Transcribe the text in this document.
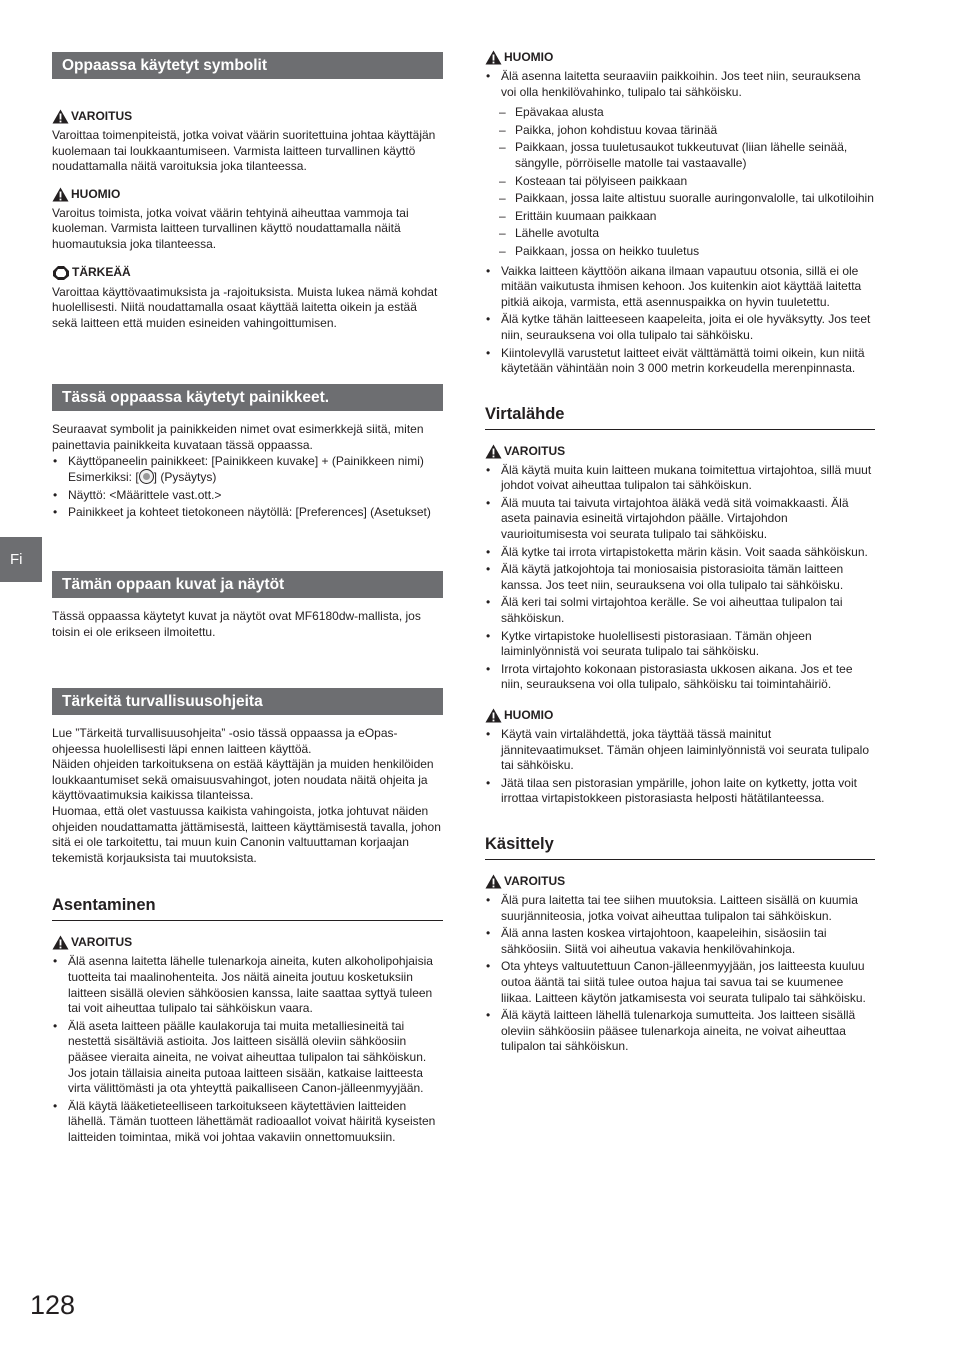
Oppaassa käytetyt symbolit
VAROITUS

Varoittaa toimenpiteistä, jotka voivat väärin suoritettuina johtaa käyttäjän kuolemaan tai loukkaantumiseen. Varmista laitteen turvallinen käyttö noudattamalla näitä varoituksia joka tilanteessa.

HUOMIO

Varoitus toimista, jotka voivat väärin tehtyinä aiheuttaa vammoja tai kuoleman. Varmista laitteen turvallinen käyttö noudattamalla näitä huomautuksia joka tilanteessa.

TÄRKEÄÄ

Varoittaa käyttövaatimuksista ja -rajoituksista. Muista lukea nämä kohdat huolellisesti. Niitä noudattamalla osaat käyttää laitetta oikein ja estää sekä laitteen että muiden esineiden vahingoittumisen.

Tässä oppaassa käytetyt painikkeet.

Seuraavat symbolit ja painikkeiden nimet ovat esimerkkejä siitä, miten painettavia painikkeita kuvataan tässä oppaassa.

• Käyttöpaneelin painikkeet: [Painikkeen kuvake] + (Painikkeen nimi)
Esimerkiksi: [ ] (Pysäytys)
• Näyttö: <Määrittele vast.ott.>
• Painikkeet ja kohteet tietokoneen näytöllä: [Preferences] (Asetukset)
Tämän oppaan kuvat ja näytöt

Tässä oppaassa käytetyt kuvat ja näytöt ovat MF6180dw-mallista, jos toisin ei ole erikseen ilmoitettu.

Tärkeitä turvallisuusohjeita

Lue ”Tärkeitä turvallisuusohjeita” -osio tässä oppaassa ja eOpas-ohjeessa huolellisesti läpi ennen laitteen käyttöä.

Näiden ohjeiden tarkoituksena on estää käyttäjän ja muiden henkilöiden loukkaantumiset sekä omaisuusvahingot, joten noudata näitä ohjeita ja käyttövaatimuksia kaikissa tilanteissa.

Huomaa, että olet vastuussa kaikista vahingoista, jotka johtuvat näiden ohjeiden noudattamatta jättämisestä, laitteen käyttämisestä tavalla, johon sitä ei ole tarkoitettu, tai muun kuin Canonin valtuuttaman korjaajan tekemistä korjauksista tai muutoksista.

Asentaminen
VAROITUS
• Älä asenna laitetta lähelle tulenarkoja aineita, kuten alkoholipohjaisia tuotteita tai maalinohenteita. Jos näitä aineita joutuu kosketuksiin laitteen sisällä olevien sähköosien kanssa, laite saattaa syttyä tuleen tai voit aiheuttaa tulipalo tai sähköiskun vaara.
• Älä aseta laitteen päälle kaulakoruja tai muita metalliesineitä tai nestettä sisältäviä astioita. Jos laitteen sisällä oleviin sähköosiin pääsee vieraita aineita, ne voivat aiheuttaa tulipalon tai sähköiskun.
Jos jotain tällaisia aineita putoaa laitteen sisään, katkaise laitteesta virta välittömästi ja ota yhteyttä paikalliseen Canon-jälleenmyyjään.
• Älä käytä lääketieteelliseen tarkoitukseen käytettävien laitteiden lähellä. Tämän tuotteen lähettämät radioaallot voivat häiritä kyseisten laitteiden toimintaa, mikä voi johtaa vakaviin onnettomuuksiin.
HUOMIO
• Älä asenna laitetta seuraaviin paikkoihin. Jos teet niin, seurauksena voi olla henkilövahinko, tulipalo tai sähköisku.
– Epävakaa alusta
– Paikka, johon kohdistuu kovaa tärinää
– Paikkaan, jossa tuuletusaukot tukkeutuvat (liian lähelle seinää, sängylle, pörröiselle matolle tai vastaavalle)
– Kosteaan tai pölyiseen paikkaan
– Paikkaan, jossa laite altistuu suoralle auringonvalolle, tai ulkotiloihin
– Erittäin kuumaan paikkaan
– Lähelle avotulta
– Paikkaan, jossa on heikko tuuletus
• Vaikka laitteen käyttöön aikana ilmaan vapautuu otsonia, sillä ei ole mitään vaikutusta ihmisen kehoon. Jos kuitenkin aiot käyttää laitetta pitkiä aikoja, varmista, että asennuspaikka on hyvin tuuletettu.
• Älä kytke tähän laitteeseen kaapeleita, joita ei ole hyväksytty. Jos teet niin, seurauksena voi olla tulipalo tai sähköisku.
• Kiintolevyllä varustetut laitteet eivät välttämättä toimi oikein, kun niitä käytetään vähintään noin 3 000 metrin korkeudella merenpinnasta.
Virtalähde
VAROITUS
• Älä käytä muita kuin laitteen mukana toimitettua virtajohtoa, sillä muut johdot voivat aiheuttaa tulipalon tai sähköiskun.
• Älä muuta tai taivuta virtajohtoa äläkä vedä sitä voimakkaasti. Älä aseta painavia esineitä virtajohdon päälle. Virtajohdon vaurioitumisesta voi seurata tulipalo tai sähköisku.
• Älä kytke tai irrota virtapistoketta märin käsin. Voit saada sähköiskun.
• Älä käytä jatkojohtoja tai moniosaisia pistorasioita tämän laitteen kanssa. Jos teet niin, seurauksena voi olla tulipalo tai sähköisku.
• Älä keri tai solmi virtajohtoa kerälle. Se voi aiheuttaa tulipalon tai sähköiskun.
• Kytke virtapistoke huolellisesti pistorasiaan. Tämän ohjeen laiminlyönnistä voi seurata tulipalo tai sähköisku.
• Irrota virtajohto kokonaan pistorasiasta ukkosen aikana. Jos et tee niin, seurauksena voi olla tulipalo, sähköisku tai toimintahäiriö.
HUOMIO
• Käytä vain virtalähdettä, joka täyttää tässä mainitut jännitevaatimukset. Tämän ohjeen laiminlyönnistä voi seurata tulipalo tai sähköisku.
• Jätä tilaa sen pistorasian ympärille, johon laite on kytketty, jotta voit irrottaa virtapistokkeen pistorasiasta helposti hätätilanteessa.
Käsittely
VAROITUS
• Älä pura laitetta tai tee siihen muutoksia. Laitteen sisällä on kuumia suurjänniteosia, jotka voivat aiheuttaa tulipalon tai sähköiskun.
• Älä anna lasten koskea virtajohtoon, kaapeleihin, sisäosiin tai sähköosiin. Siitä voi aiheutua vakavia henkilövahinkoja.
• Ota yhteys valtuutettuun Canon-jälleenmyyjään, jos laitteesta kuuluu outoa ääntä tai siitä tulee outoa hajua tai savua tai se kuumenee liikaa. Laitteen käytön jatkamisesta voi seurata tulipalo tai sähköisku.
• Älä käytä laitteen lähellä tulenarkoja sumutteita. Jos laitteen sisällä oleviin sähköosiin pääsee tulenarkoja aineita, ne voivat aiheuttaa tulipalon tai sähköiskun.
Fi
128
